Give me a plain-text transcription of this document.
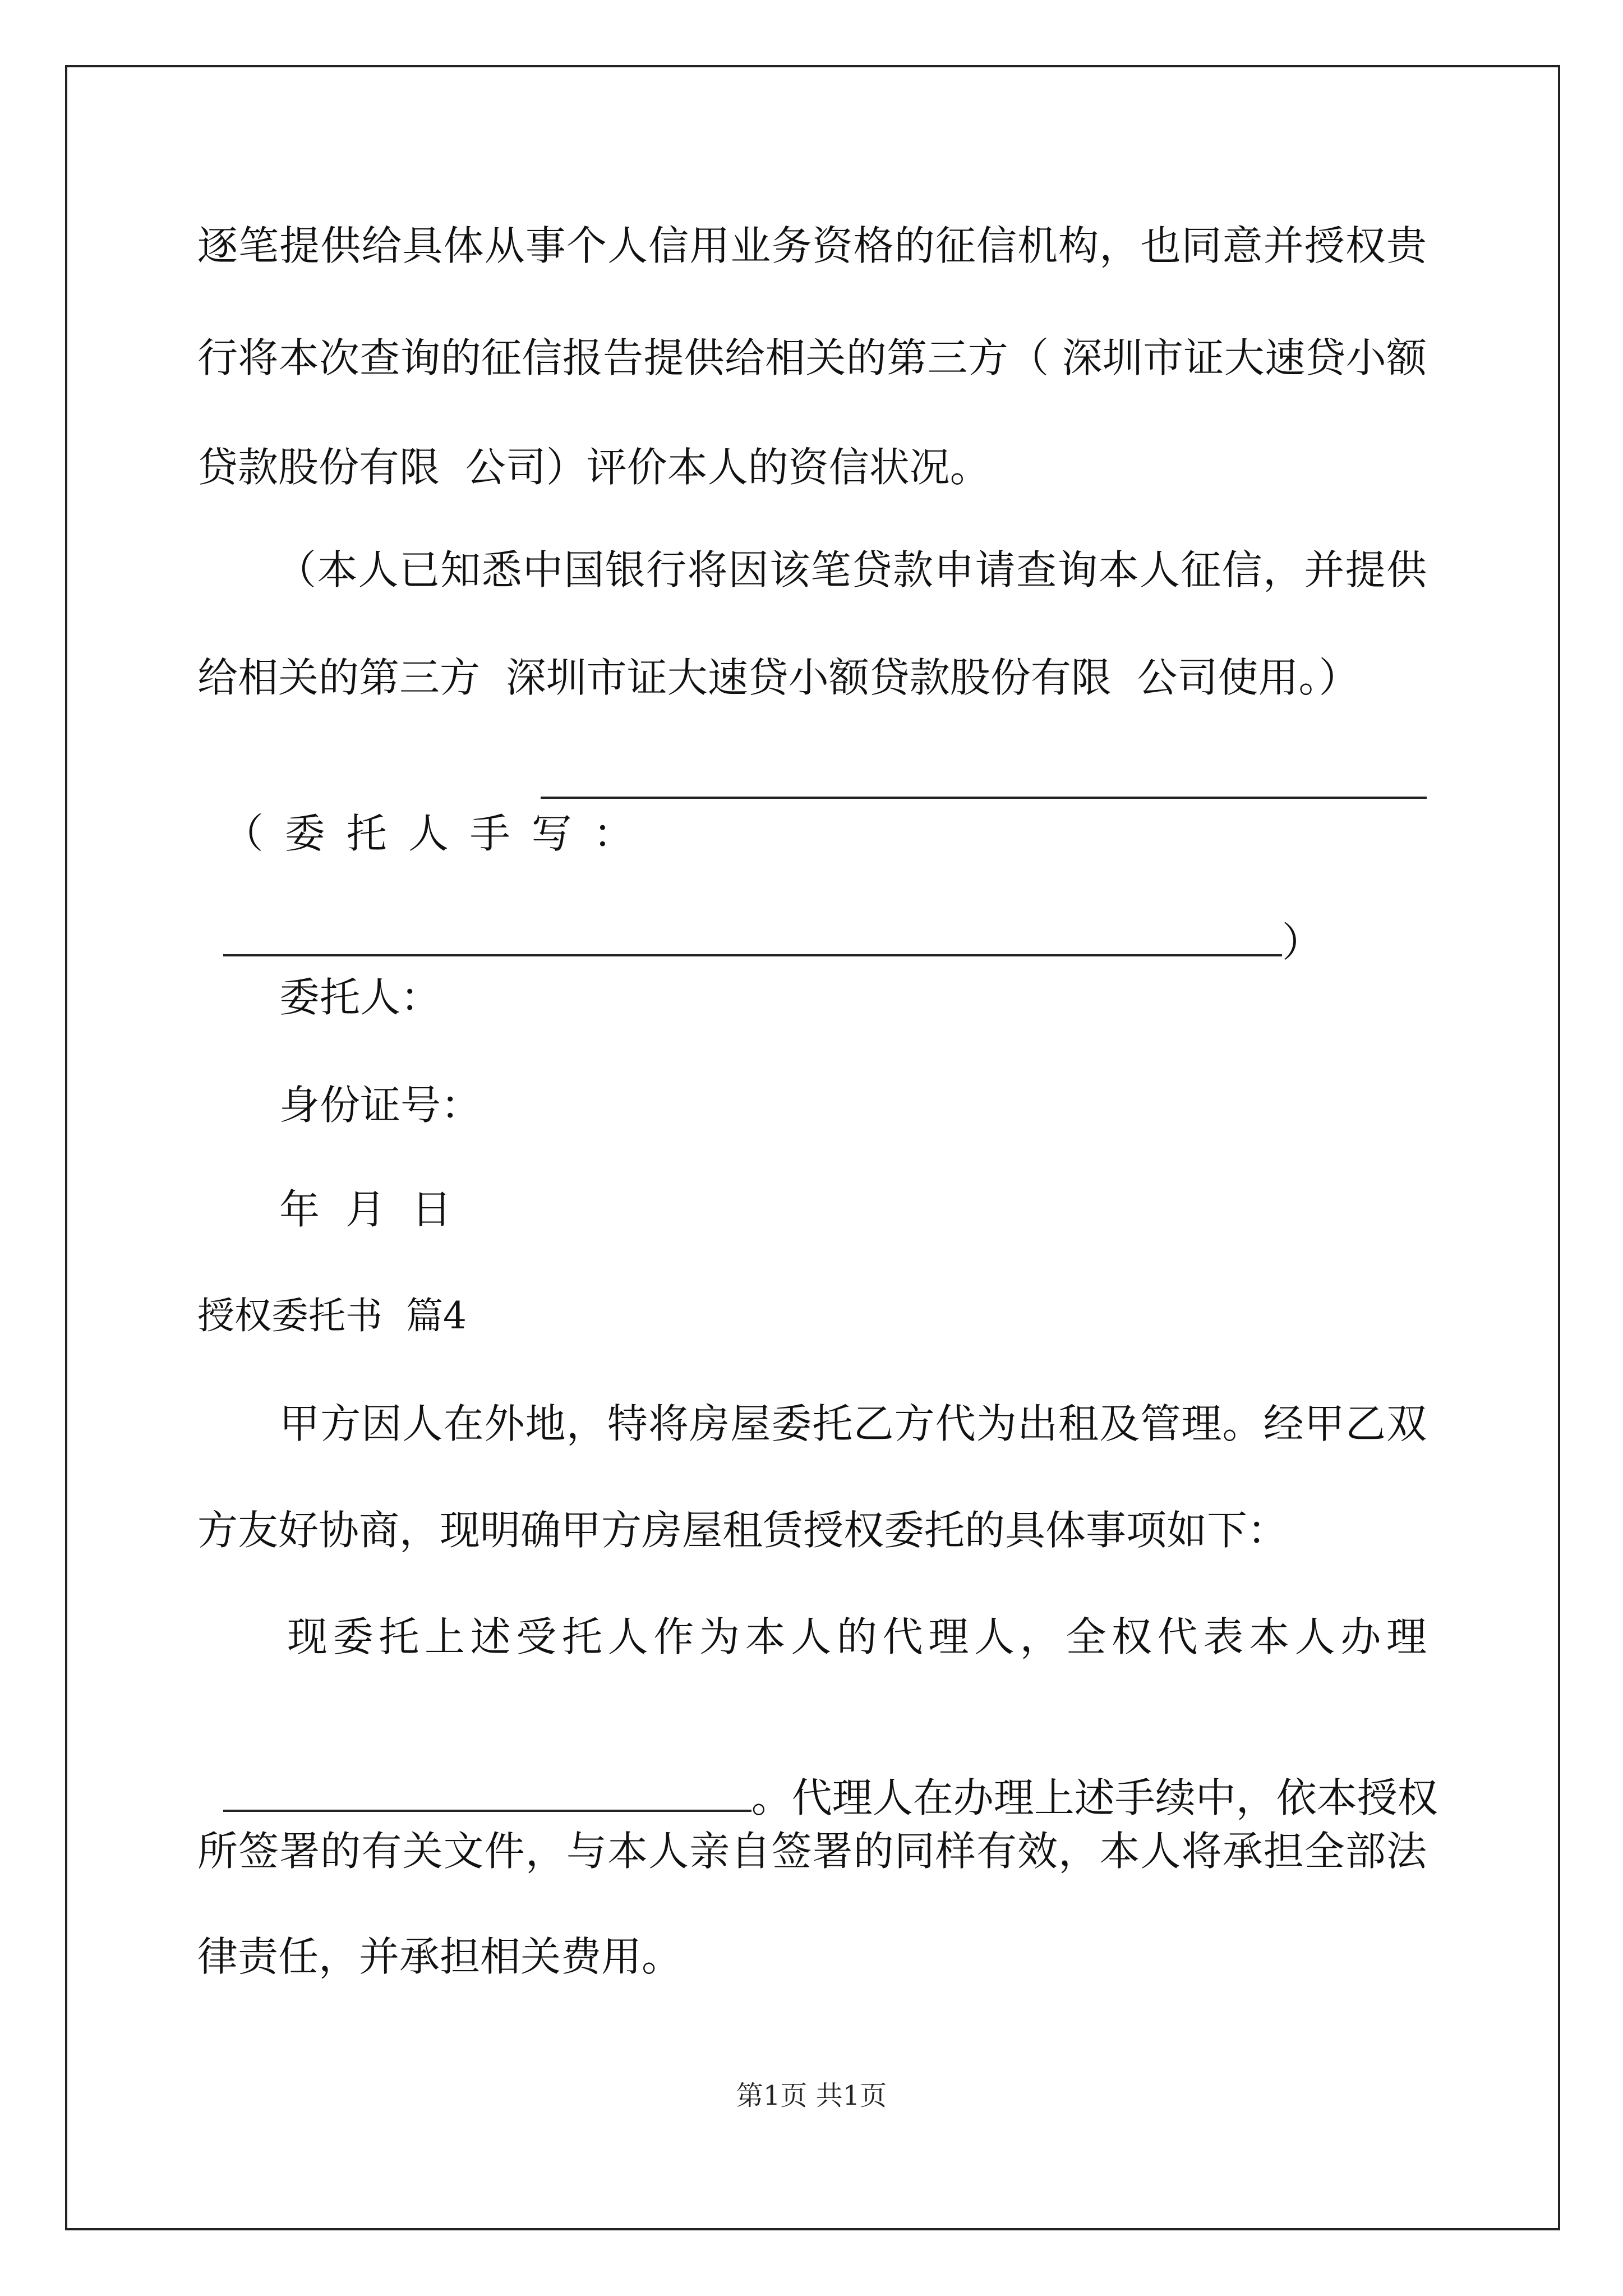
逐笔提供给具体从事个人信用业务资格的征信机构，也同意并授权贵
行将本次查询的征信报告提供给相关的第三方（ 深圳市证大速贷小额
贷款股份有限  公司）评价本人的资信状况。
（本人已知悉中国银行将因该笔贷款申请查询本人征信，并提供
给相关的第三方  深圳市证大速贷小额贷款股份有限  公司使用。）

（委托人手写：

）

委托人：
身份证号：
年  月  日
授权委托书  篇4
甲方因人在外地，特将房屋委托乙方代为出租及管理。经甲乙双
方友好协商，现明确甲方房屋租赁授权委托的具体事项如下：
现委托上述受托人作为本人的代理人，全权代表本人办理

。代理人在办理上述手续中，依本授权

所签署的有关文件，与本人亲自签署的同样有效，本人将承担全部法
律责任，并承担相关费用。
第1页 共1页
